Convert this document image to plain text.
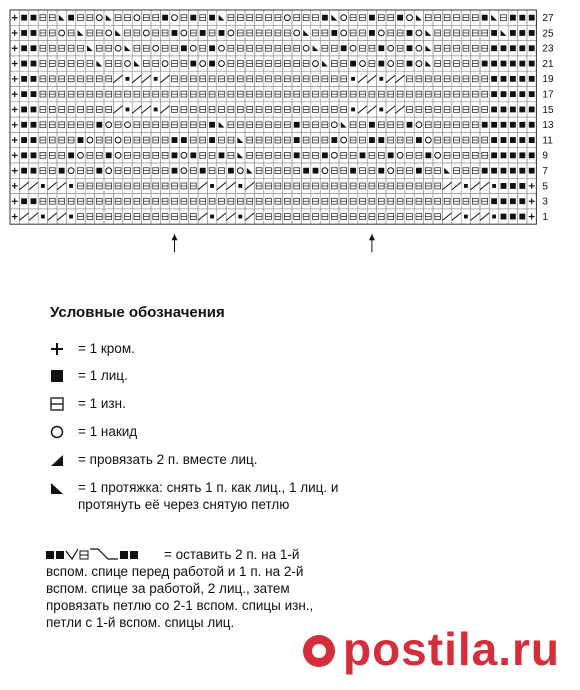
27
25
23
21
19
17
15
13
11
9
7
5
3
1
Условные обозначения
= 1 кром.
= 1 лиц.
= 1 изн.
= 1 накид
= провязать 2 п. вместе лиц.
= 1 протяжка: снять 1 п. как лиц., 1 лиц. и протянуть её через снятую петлю
= оставить 2 п. на 1-й вспом. спице перед работой и 1 п. на 2-й вспом. спице за работой, 2 лиц., затем провязать петлю со 2-1 вспом. спицы изн., петли с 1-й вспом. спицы лиц.
postila.ru
